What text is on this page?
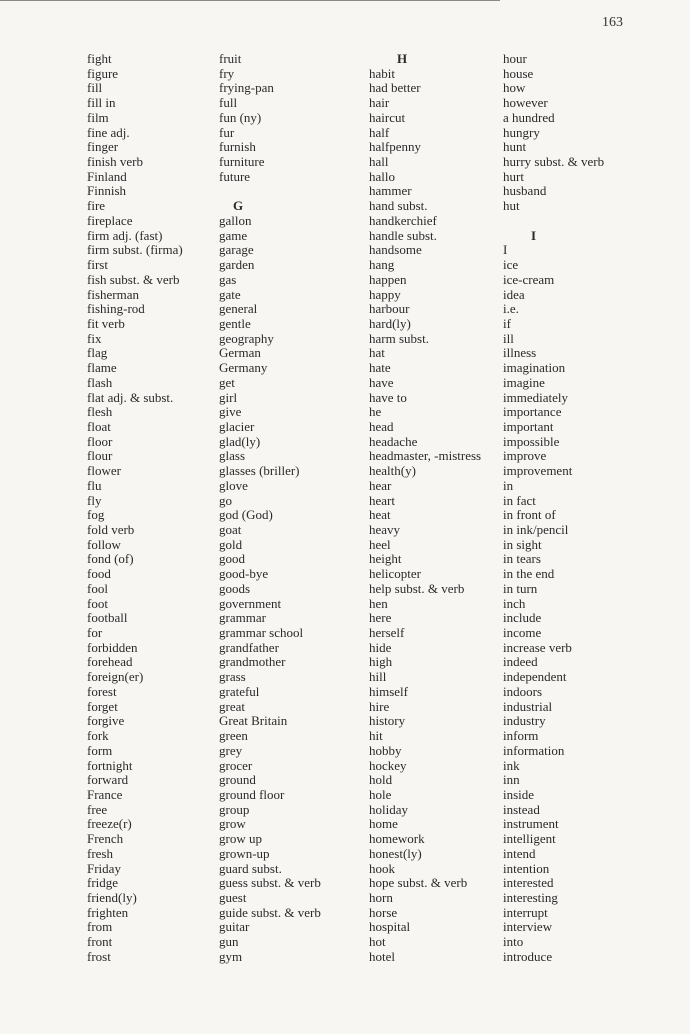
163
fight
figure
fill
fill in
film
fine adj.
finger
finish verb
Finland
Finnish
fire
fireplace
firm adj. (fast)
firm subst. (firma)
first
fish subst. & verb
fisherman
fishing-rod
fit verb
fix
flag
flame
flash
flat adj. & subst.
flesh
float
floor
flour
flower
flu
fly
fog
fold verb
follow
fond (of)
food
fool
foot
football
for
forbidden
forehead
foreign(er)
forest
forget
forgive
fork
form
fortnight
forward
France
free
freeze(r)
French
fresh
Friday
fridge
friend(ly)
frighten
from
front
frost
fruit
fry
frying-pan
full
fun (ny)
fur
furnish
furniture
future
G
gallon
game
garage
garden
gas
gate
general
gentle
geography
German
Germany
get
girl
give
glacier
glad(ly)
glass
glasses (briller)
glove
go
god (God)
goat
gold
good
good-bye
goods
government
grammar
grammar school
grandfather
grandmother
grass
grateful
great
Great Britain
green
grey
grocer
ground
ground floor
group
grow
grow up
grown-up
guard subst.
guess subst. & verb
guest
guide subst. & verb
guitar
gun
gym
H
habit
had better
hair
haircut
half
halfpenny
hall
hallo
hammer
hand subst.
handkerchief
handle subst.
handsome
hang
happen
happy
harbour
hard(ly)
harm subst.
hat
hate
have
have to
he
head
headache
headmaster, -mistress
health(y)
hear
heart
heat
heavy
heel
height
helicopter
help subst. & verb
hen
here
herself
hide
high
hill
himself
hire
history
hit
hobby
hockey
hold
hole
holiday
home
homework
honest(ly)
hook
hope subst. & verb
horn
horse
hospital
hot
hotel
hour
house
how
however
a hundred
hungry
hunt
hurry subst. & verb
hurt
husband
hut
I
I
ice
ice-cream
idea
i.e.
if
ill
illness
imagination
imagine
immediately
importance
important
impossible
improve
improvement
in
in fact
in front of
in ink/pencil
in sight
in tears
in the end
in turn
inch
include
income
increase verb
indeed
independent
indoors
industrial
industry
inform
information
ink
inn
inside
instead
instrument
intelligent
intend
intention
interested
interesting
interrupt
interview
into
introduce
